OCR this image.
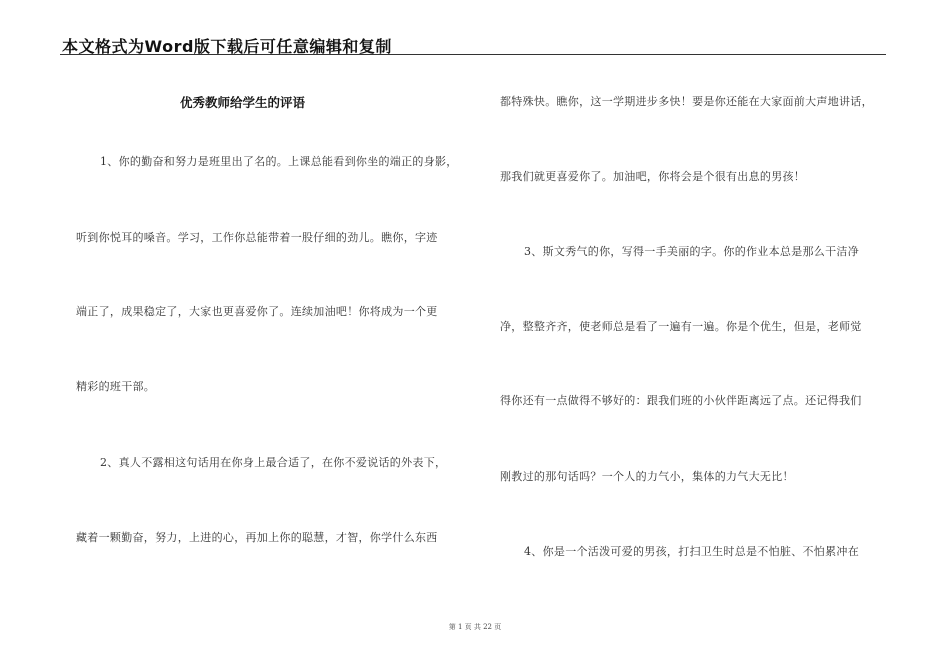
本文格式为Word版下载后可任意编辑和复制
优秀教师给学生的评语
1、你的勤奋和努力是班里出了名的。上课总能看到你坐的端正的身影，
听到你悦耳的嗓音。学习，工作你总能带着一股仔细的劲儿。瞧你，字迹
端正了，成果稳定了，大家也更喜爱你了。连续加油吧！你将成为一个更
精彩的班干部。
2、真人不露相这句话用在你身上最合适了，在你不爱说话的外表下，
藏着一颗勤奋，努力，上进的心，再加上你的聪慧，才智，你学什么东西
都特殊快。瞧你，这一学期进步多快！要是你还能在大家面前大声地讲话，
那我们就更喜爱你了。加油吧，你将会是个很有出息的男孩！
3、斯文秀气的你，写得一手美丽的字。你的作业本总是那么干洁净
净，整整齐齐，使老师总是看了一遍有一遍。你是个优生，但是，老师觉
得你还有一点做得不够好的：跟我们班的小伙伴距离远了点。还记得我们
刚教过的那句话吗？一个人的力气小，集体的力气大无比！
4、你是一个活泼可爱的男孩，打扫卫生时总是不怕脏、不怕累冲在
第 1 页 共 22 页
